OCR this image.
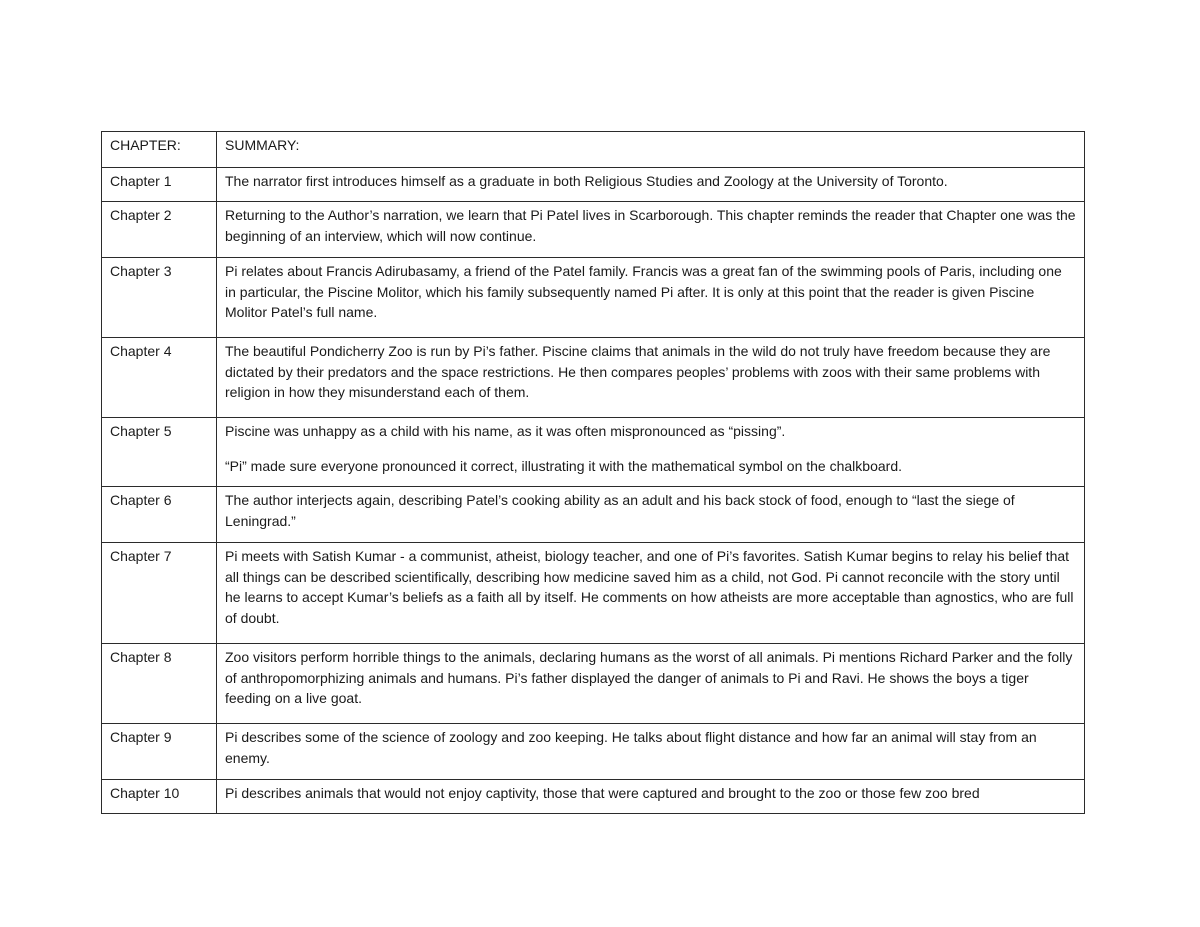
CHAPTER:	SUMMARY:
Chapter 1	The narrator first introduces himself as a graduate in both Religious Studies and Zoology at the University of Toronto.
Chapter 2	Returning to the Author’s narration, we learn that Pi Patel lives in Scarborough. This chapter reminds the reader that Chapter one was the beginning of an interview, which will now continue.
Chapter 3	Pi relates about Francis Adirubasamy, a friend of the Patel family. Francis was a great fan of the swimming pools of Paris, including one in particular, the Piscine Molitor, which his family subsequently named Pi after. It is only at this point that the reader is given Piscine Molitor Patel’s full name.
Chapter 4	The beautiful Pondicherry Zoo is run by Pi’s father. Piscine claims that animals in the wild do not truly have freedom because they are dictated by their predators and the space restrictions. He then compares peoples’ problems with zoos with their same problems with religion in how they misunderstand each of them.
Chapter 5	Piscine was unhappy as a child with his name, as it was often mispronounced as “pissing”.
“Pi” made sure everyone pronounced it correct, illustrating it with the mathematical symbol on the chalkboard.

Chapter 6	The author interjects again, describing Patel’s cooking ability as an adult and his back stock of food, enough to “last the siege of Leningrad.”
Chapter 7	Pi meets with Satish Kumar - a communist, atheist, biology teacher, and one of Pi’s favorites. Satish Kumar begins to relay his belief that all things can be described scientifically, describing how medicine saved him as a child, not God. Pi cannot reconcile with the story until he learns to accept Kumar’s beliefs as a faith all by itself. He comments on how atheists are more acceptable than agnostics, who are full of doubt.
Chapter 8	Zoo visitors perform horrible things to the animals, declaring humans as the worst of all animals. Pi mentions Richard Parker and the folly of anthropomorphizing animals and humans. Pi’s father displayed the danger of animals to Pi and Ravi. He shows the boys a tiger feeding on a live goat.
Chapter 9	Pi describes some of the science of zoology and zoo keeping. He talks about flight distance and how far an animal will stay from an enemy.
Chapter 10	Pi describes animals that would not enjoy captivity, those that were captured and brought to the zoo or those few zoo bred
